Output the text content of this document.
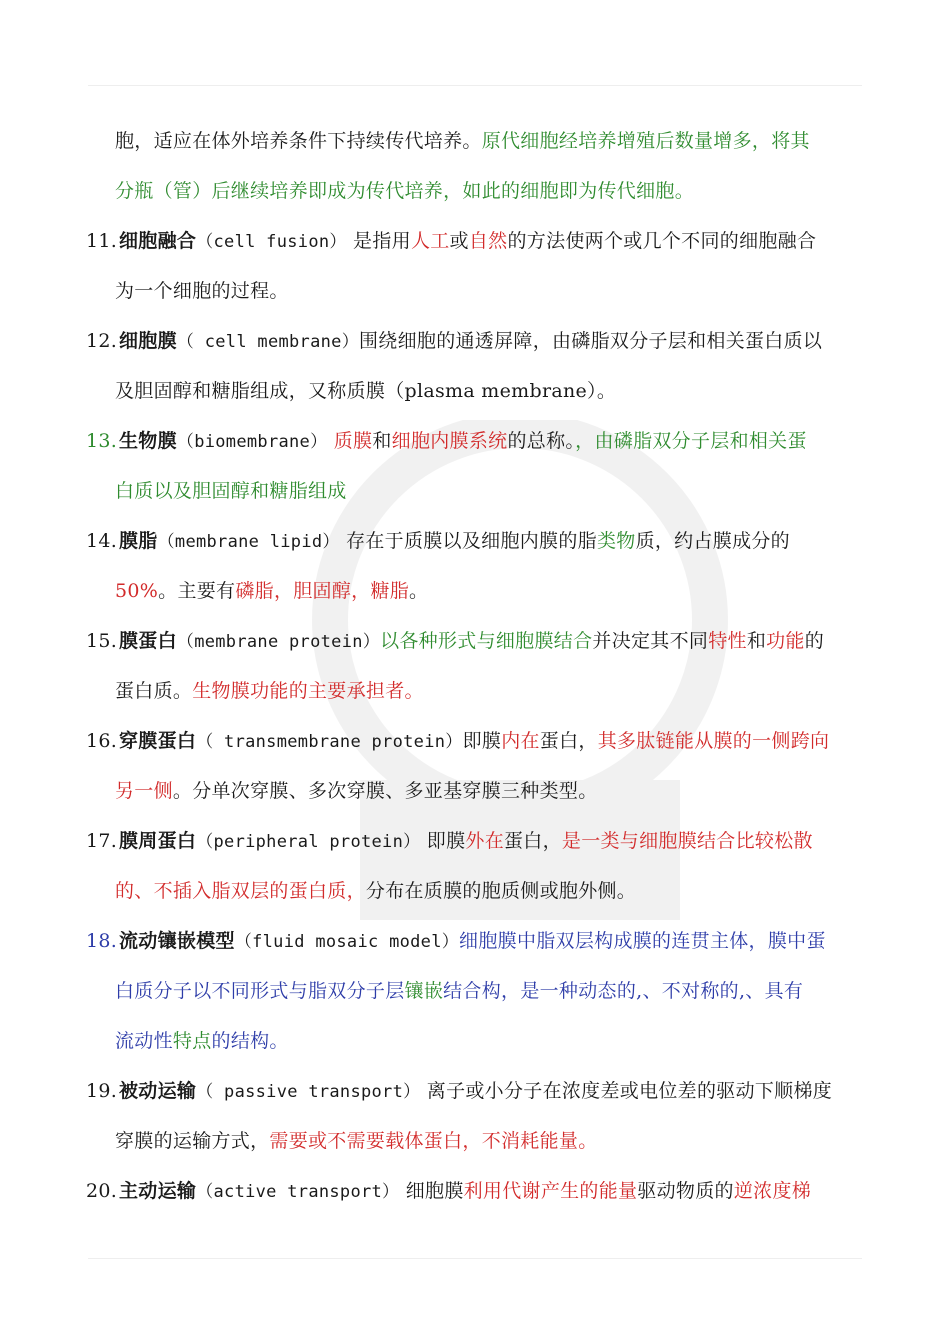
胞，适应在体外培养条件下持续传代培养。原代细胞经培养增殖后数量增多，将其
分瓶（管）后继续培养即成为传代培养，如此的细胞即为传代细胞。
11.细胞融合（cell fusion） 是指用人工或自然的方法使两个或几个不同的细胞融合
为一个细胞的过程。
12.细胞膜（ cell membrane）围绕细胞的通透屏障，由磷脂双分子层和相关蛋白质以
及胆固醇和糖脂组成，又称质膜（plasma membrane）。
13.生物膜（biomembrane） 质膜和细胞内膜系统的总称。，由磷脂双分子层和相关蛋
白质以及胆固醇和糖脂组成
14.膜脂（membrane lipid） 存在于质膜以及细胞内膜的脂类物质，约占膜成分的
50%。主要有磷脂，胆固醇，糖脂。
15.膜蛋白（membrane protein）以各种形式与细胞膜结合并决定其不同特性和功能的
蛋白质。生物膜功能的主要承担者。
16.穿膜蛋白（ transmembrane protein）即膜内在蛋白，其多肽链能从膜的一侧跨向
另一侧。分单次穿膜、多次穿膜、多亚基穿膜三种类型。
17.膜周蛋白（peripheral protein） 即膜外在蛋白，是一类与细胞膜结合比较松散
的、不插入脂双层的蛋白质，分布在质膜的胞质侧或胞外侧。
18.流动镶嵌模型（fluid mosaic model）细胞膜中脂双层构成膜的连贯主体，膜中蛋
白质分子以不同形式与脂双分子层镶嵌结合构，是一种动态的,、不对称的,、具有
流动性特点的结构。
19.被动运输（ passive transport） 离子或小分子在浓度差或电位差的驱动下顺梯度
穿膜的运输方式，需要或不需要载体蛋白，不消耗能量。
20.主动运输（active transport） 细胞膜利用代谢产生的能量驱动物质的逆浓度梯
